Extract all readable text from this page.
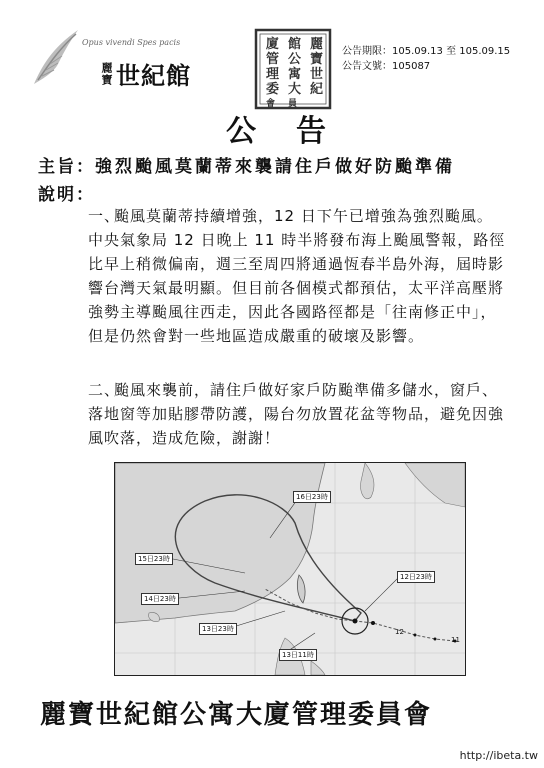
Opus vivendi Spes pacis
麗寶 世紀館
麗
寶
世
紀
館
公
寓
大
廈
管
理
委
員
會
公告期限：105.09.13 至 105.09.15
公告文號：105087
公告
主旨：強烈颱風莫蘭蒂來襲請住戶做好防颱準備
說明：
一、
颱風莫蘭蒂持續增強，12 日下午已增強為強烈颱風。中央氣象局 12 日晚上 11 時半將發布海上颱風警報，路徑比早上稍微偏南，週三至周四將通過恆春半島外海，屆時影響台灣天氣最明顯。但目前各個模式都預估，太平洋高壓將強勢主導颱風往西走，因此各國路徑都是「往南修正中」，但是仍然會對一些地區造成嚴重的破壞及影響。
二、
颱風來襲前，請住戶做好家戶防颱準備多儲水，窗戶、落地窗等加貼膠帶防護，陽台勿放置花盆等物品，避免因強風吹落，造成危險，謝謝！
16日23時
15日23時
14日23時
13日23時
12日23時
13日11時
12
11
麗寶世紀館公寓大廈管理委員會
http://ibeta.tw
